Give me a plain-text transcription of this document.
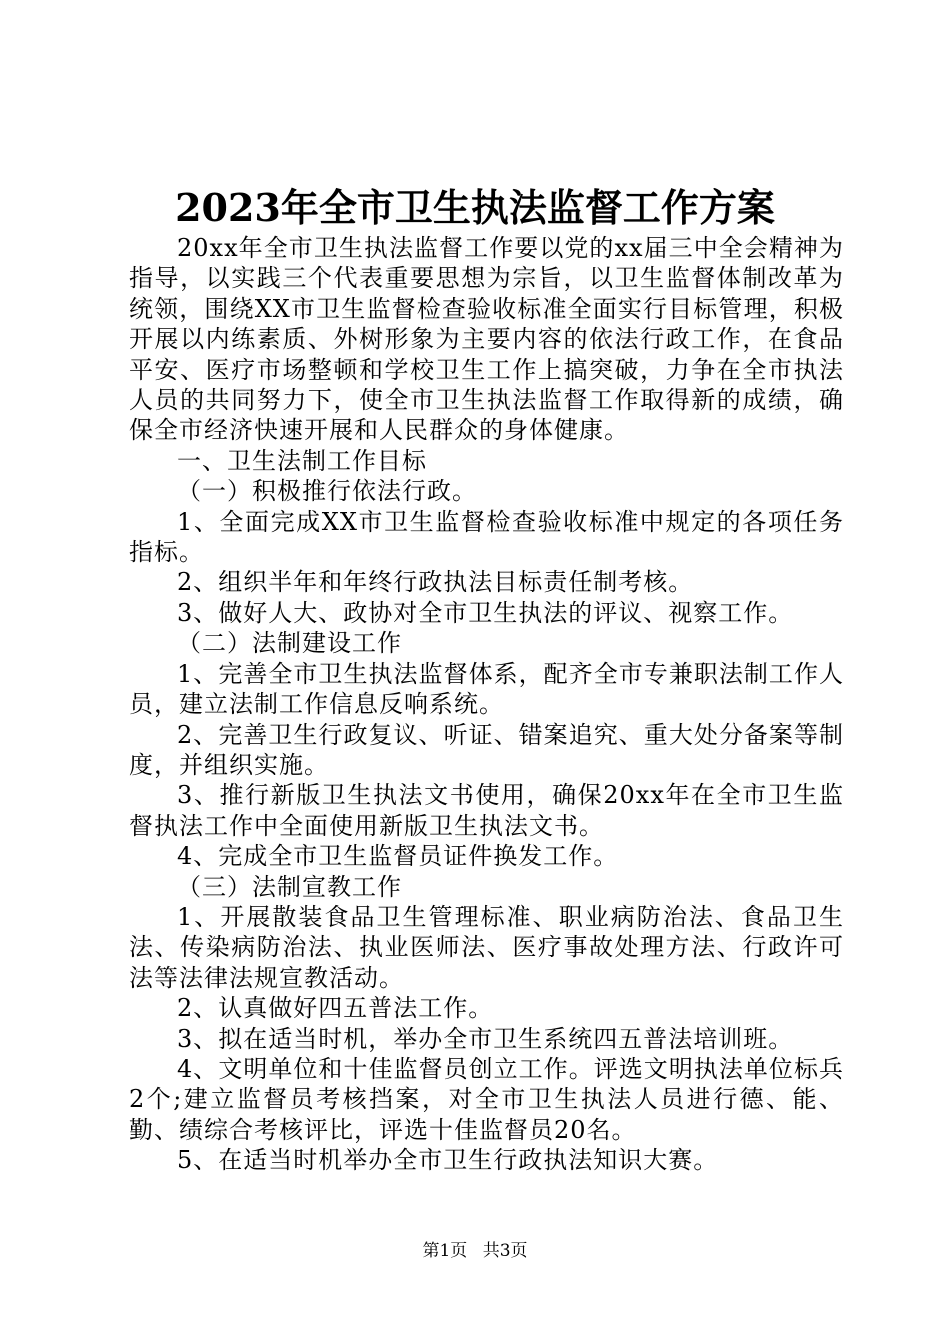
2023年全市卫生执法监督工作方案

20xx年全市卫生执法监督工作要以党的xx届三中全会精神为指导，以实践三个代表重要思想为宗旨，以卫生监督体制改革为统领，围绕XX市卫生监督检查验收标准全面实行目标管理，积极开展以内练素质、外树形象为主要内容的依法行政工作，在食品平安、医疗市场整顿和学校卫生工作上搞突破，力争在全市执法人员的共同努力下，使全市卫生执法监督工作取得新的成绩，确保全市经济快速开展和人民群众的身体健康。

一、卫生法制工作目标

（一）积极推行依法行政。

1、全面完成XX市卫生监督检查验收标准中规定的各项任务指标。

2、组织半年和年终行政执法目标责任制考核。

3、做好人大、政协对全市卫生执法的评议、视察工作。

（二）法制建设工作

1、完善全市卫生执法监督体系，配齐全市专兼职法制工作人员，建立法制工作信息反响系统。

2、完善卫生行政复议、听证、错案追究、重大处分备案等制度，并组织实施。

3、推行新版卫生执法文书使用，确保20xx年在全市卫生监督执法工作中全面使用新版卫生执法文书。

4、完成全市卫生监督员证件换发工作。

（三）法制宣教工作

1、开展散装食品卫生管理标准、职业病防治法、食品卫生法、传染病防治法、执业医师法、医疗事故处理方法、行政许可法等法律法规宣教活动。

2、认真做好四五普法工作。

3、拟在适当时机，举办全市卫生系统四五普法培训班。

4、文明单位和十佳监督员创立工作。评选文明执法单位标兵2个;建立监督员考核挡案，对全市卫生执法人员进行德、能、勤、绩综合考核评比，评选十佳监督员20名。

5、在适当时机举办全市卫生行政执法知识大赛。

第1页 共3页
